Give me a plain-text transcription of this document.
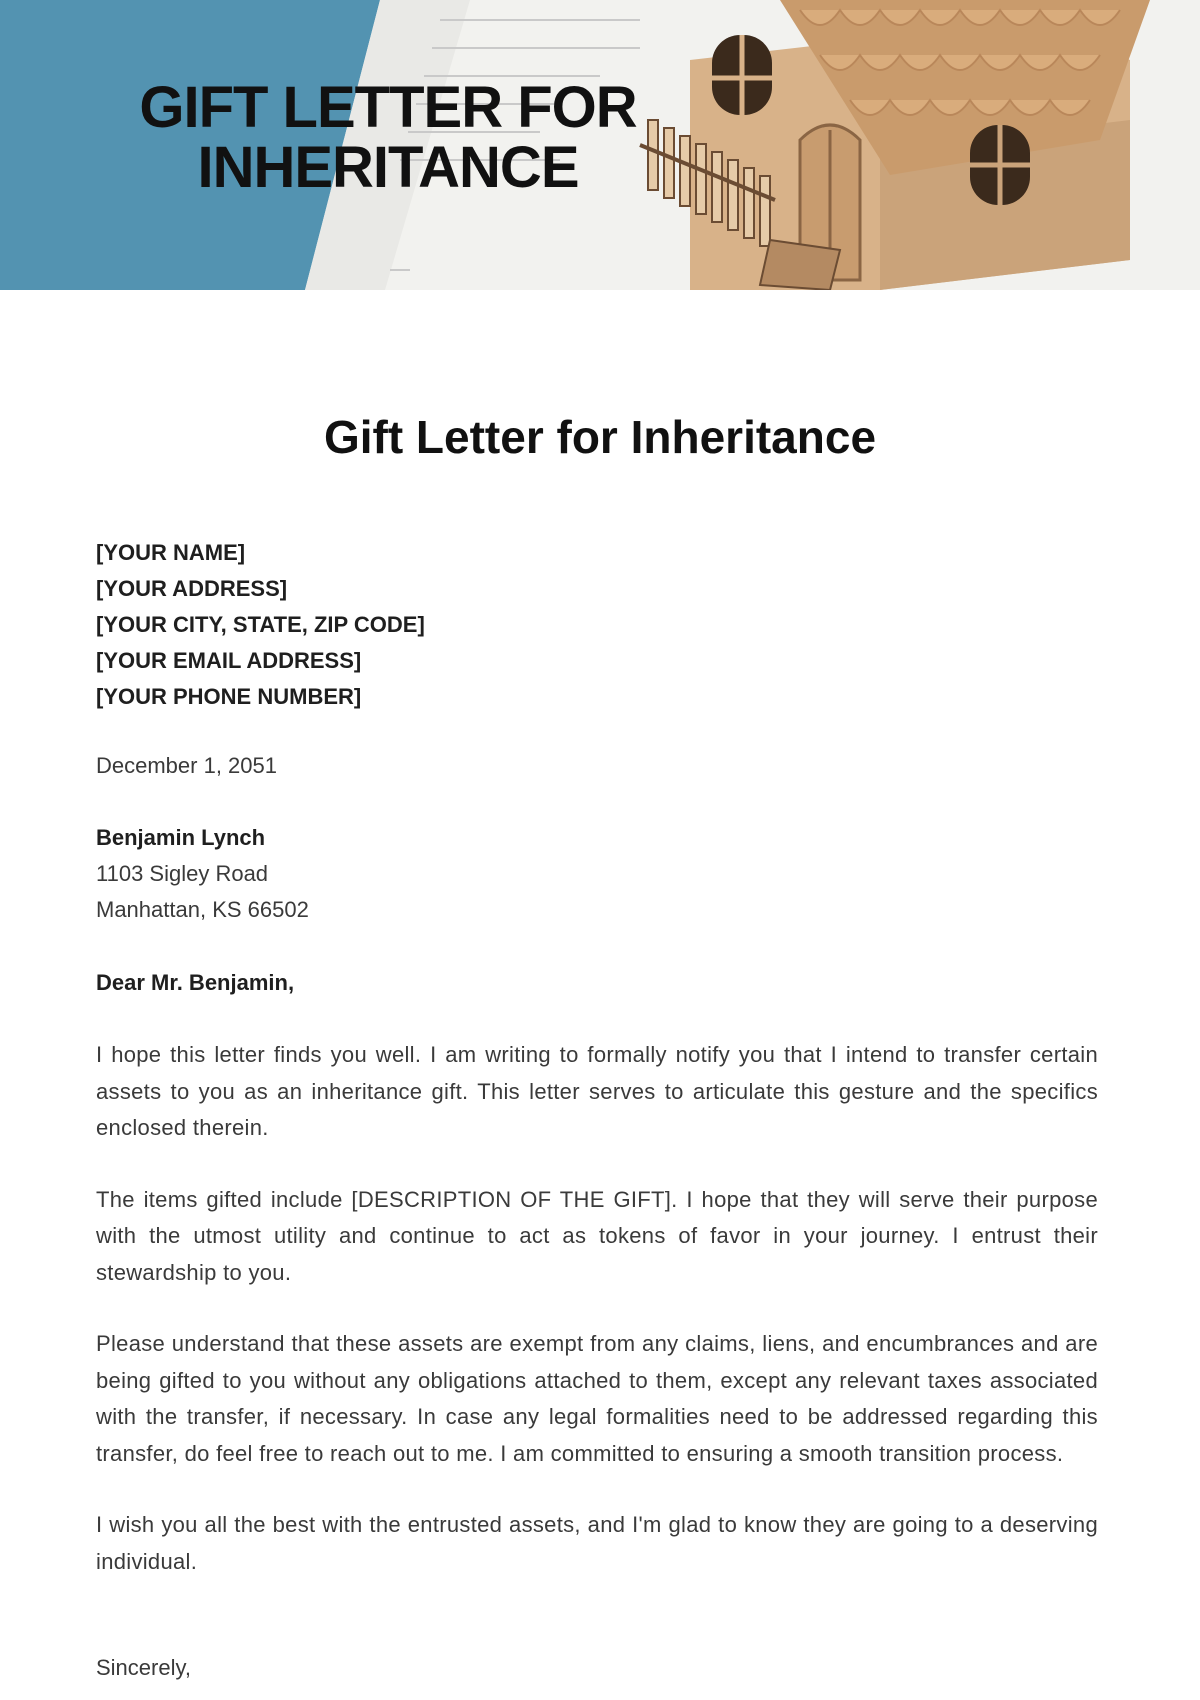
GIFT LETTER FOR
INHERITANCE
Gift Letter for Inheritance
[YOUR NAME]
[YOUR ADDRESS]
[YOUR CITY, STATE, ZIP CODE]
[YOUR EMAIL ADDRESS]
[YOUR PHONE NUMBER]
December 1, 2051
Benjamin Lynch
1103 Sigley Road
Manhattan, KS 66502
Dear Mr. Benjamin,

I hope this letter finds you well. I am writing to formally notify you that I intend to transfer certain assets to you as an inheritance gift. This letter serves to articulate this gesture and the specifics enclosed therein.

The items gifted include [DESCRIPTION OF THE GIFT]. I hope that they will serve their purpose with the utmost utility and continue to act as tokens of favor in your journey. I entrust their stewardship to you.

Please understand that these assets are exempt from any claims, liens, and encumbrances and are being gifted to you without any obligations attached to them, except any relevant taxes associated with the transfer, if necessary. In case any legal formalities need to be addressed regarding this transfer, do feel free to reach out to me. I am committed to ensuring a smooth transition process.

I wish you all the best with the entrusted assets, and I'm glad to know they are going to a deserving individual.

Sincerely,
